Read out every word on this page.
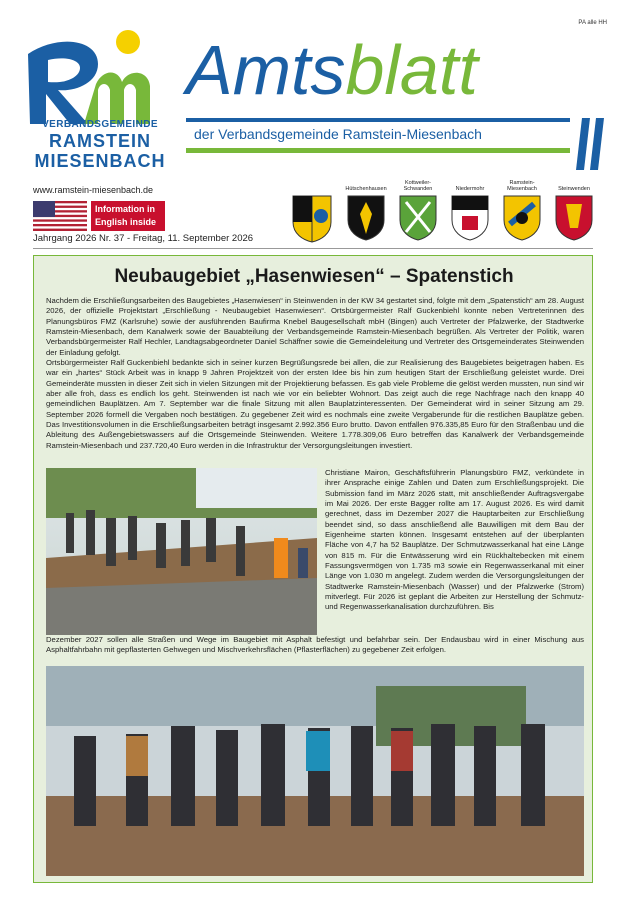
PA alle HH
VERBANDSGEMEINDE
RAMSTEIN
MIESENBACH
Amtsblatt
der Verbandsgemeinde Ramstein-Miesenbach
www.ramstein-miesenbach.de
Information in English inside
Hütschenhausen
Kottweiler-Schwanden	Niedermohr
Ramstein-Miesenbach	Steinwenden
Jahrgang 2026 Nr. 37 - Freitag, 11. September 2026
Neubaugebiet „Hasenwiesen“ – Spatenstich

Nachdem die Erschließungsarbeiten des Baugebietes „Hasenwiesen“ in Steinwenden in der KW 34 gestartet sind, folgte mit dem „Spatenstich“ am 28. August 2026, der offizielle Projektstart „Erschließung - Neubaugebiet Hasenwiesen“. Ortsbürgermeister Ralf Guckenbiehl konnte neben Vertreterinnen des Planungsbüros FMZ (Karlsruhe) sowie der ausführenden Baufirma Knebel Baugesellschaft mbH (Bingen) auch Vertreter der Pfalzwerke, der Stadtwerke Ramstein-Miesenbach, dem Kanalwerk sowie der Bauabteilung der Verbandsgemeinde Ramstein-Miesenbach begrüßen. Als Vertreter der Politik, waren Verbandsbürgermeister Ralf Hechler, Landtagsabgeordneter Daniel Schäffner sowie die Gemeindeleitung und Vertreter des Ortsgemeinderates Steinwenden der Einladung gefolgt.

Ortsbürgermeister Ralf Guckenbiehl bedankte sich in seiner kurzen Begrüßungsrede bei allen, die zur Realisierung des Baugebietes beigetragen haben. Es war ein „hartes“ Stück Arbeit was in knapp 9 Jahren Projektzeit von der ersten Idee bis hin zum heutigen Start der Erschließung geleistet wurde. Drei Gemeinderäte mussten in dieser Zeit sich in vielen Sitzungen mit der Projektierung befassen. Es gab viele Probleme die gelöst werden mussten, nun sind wir aber alle froh, dass es endlich los geht. Steinwenden ist nach wie vor ein beliebter Wohnort. Das zeigt auch die rege Nachfrage nach den knapp 40 gemeindlichen Bauplätzen. Am 7. September war die finale Sitzung mit allen Bauplatzinteressenten. Der Gemeinderat wird in seiner Sitzung am 29. September 2026 formell die Vergaben noch bestätigen. Zu gegebener Zeit wird es nochmals eine zweite Vergaberunde für die restlichen Bauplätze geben. Das Investitionsvolumen in die Erschließungsarbeiten beträgt insgesamt 2.992.356 Euro brutto. Davon entfallen 976.335,85 Euro für den Straßenbau und die Ableitung des Außengebietswassers auf die Ortsgemeinde Steinwenden. Weitere 1.778.309,06 Euro betreffen das Kanalwerk der Verbandsgemeinde Ramstein-Miesenbach und 237.720,40 Euro werden in die Infrastruktur der Versorgungsleitungen investiert.

Christiane Mairon, Geschäftsführerin Planungsbüro FMZ, verkündete in ihrer Ansprache einige Zahlen und Daten zum Erschließungsprojekt. Die Submission fand im März 2026 statt, mit anschließender Auftragsvergabe im Mai 2026. Der erste Bagger rollte am 17. August 2026. Es wird damit gerechnet, dass im Dezember 2027 die Hauptarbeiten zur Erschließung beendet sind, so dass anschließend alle Bauwilligen mit dem Bau der Eigenheime starten können. Insgesamt entstehen auf der überplanten Fläche von 4,7 ha 52 Bauplätze. Der Schmutzwasserkanal hat eine Länge von 815 m. Für die Entwässerung wird ein Rückhaltebecken mit einem Fassungsvermögen von 1.735 m3 sowie ein Regenwasserkanal mit einer Länge von 1.030 m angelegt. Zudem werden die Versorgungsleitungen der Stadtwerke Ramstein-Miesenbach (Wasser) und der Pfalzwerke (Strom) mitverlegt. Für 2026 ist geplant die Arbeiten zur Herstellung der Schmutz- und Regenwasserkanalisation durchzuführen. Bis
Dezember 2027 sollen alle Straßen und Wege im Baugebiet mit Asphalt befestigt und befahrbar sein. Der Endausbau wird in einer Mischung aus Asphaltfahrbahn mit gepflasterten Gehwegen und Mischverkehrsflächen (Pflasterflächen) zu gegebener Zeit erfolgen.
